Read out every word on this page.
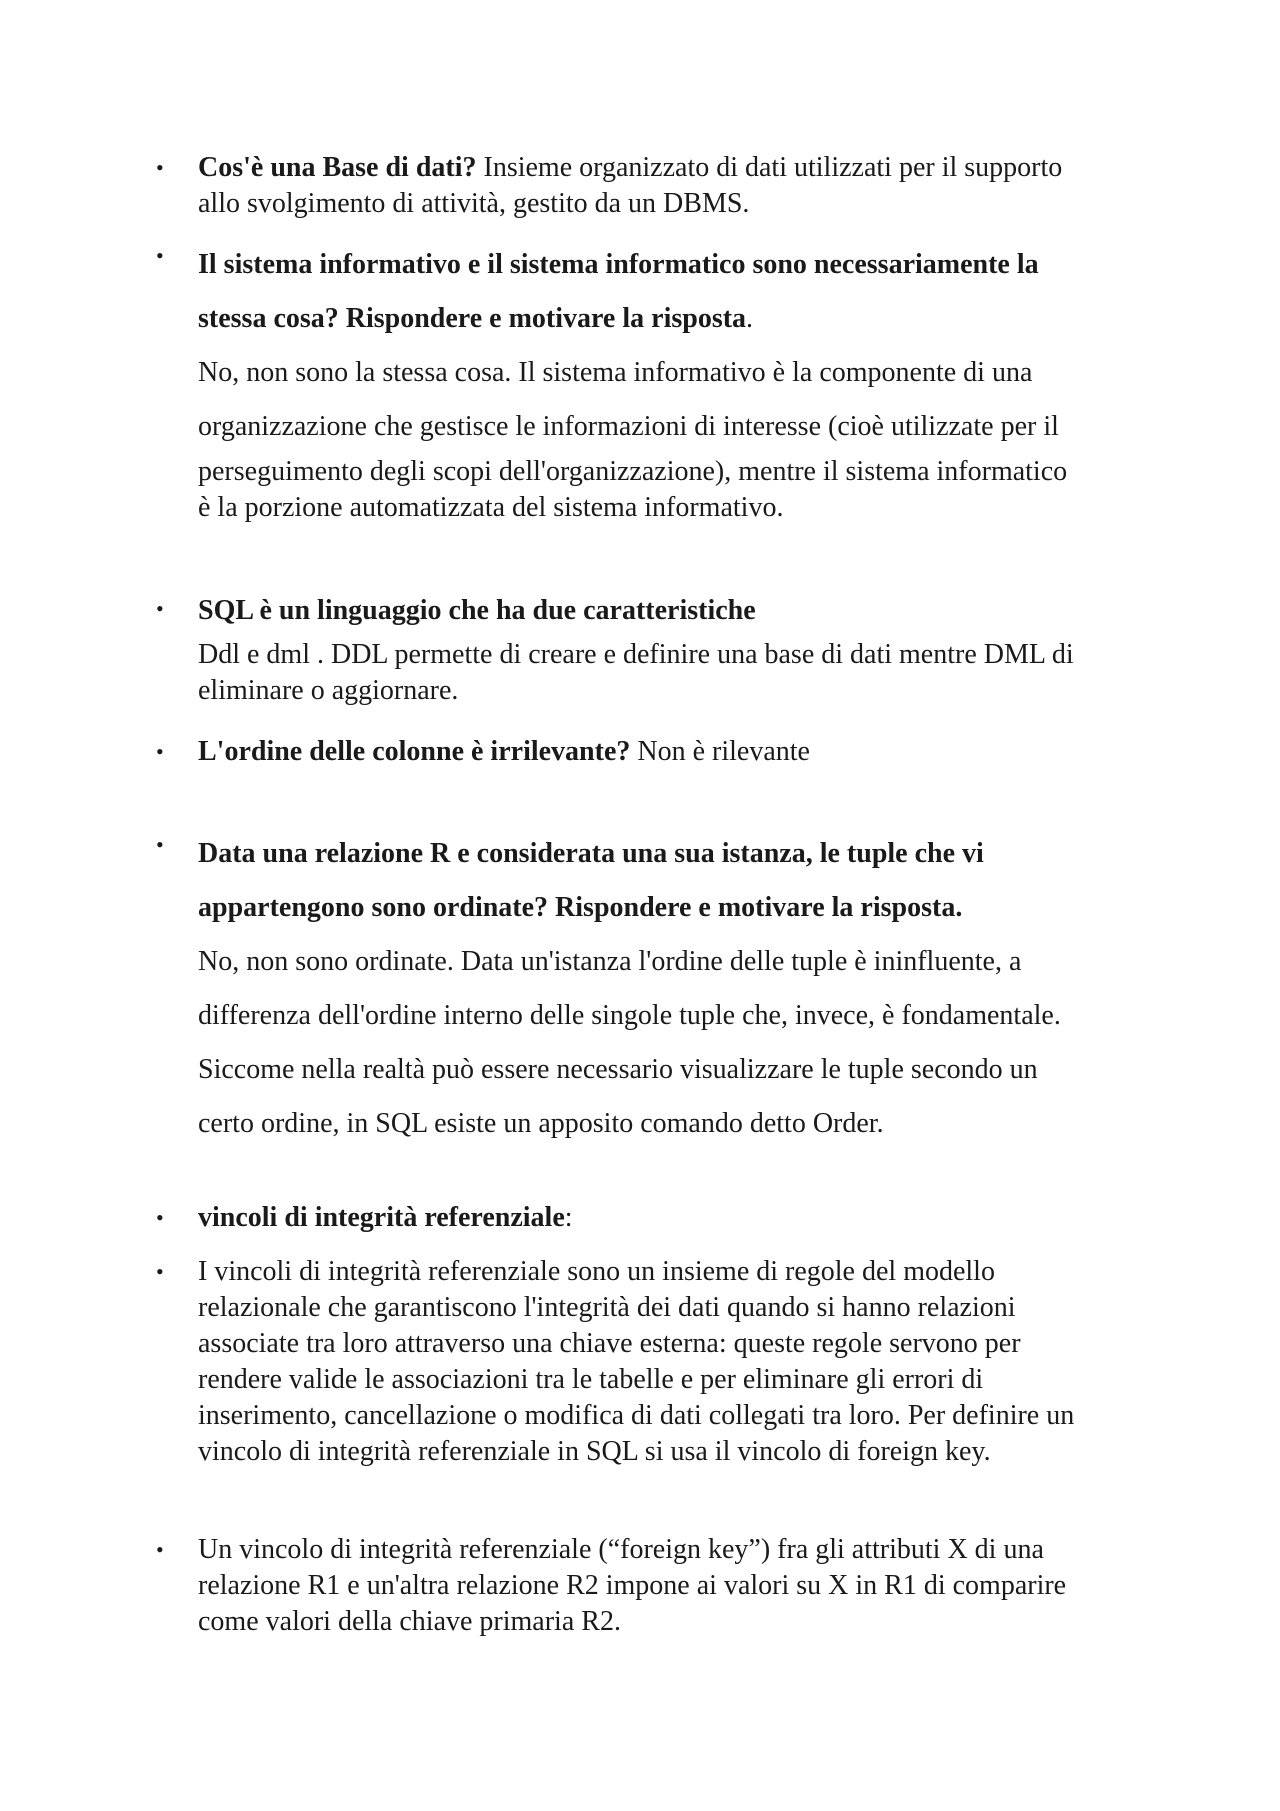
• Cos'è una Base di dati? Insieme organizzato di dati utilizzati per il supporto
allo svolgimento di attività, gestito da un DBMS.
• Il sistema informativo e il sistema informatico sono necessariamente la
stessa cosa? Rispondere e motivare la risposta.
No, non sono la stessa cosa. Il sistema informativo è la componente di una
organizzazione che gestisce le informazioni di interesse (cioè utilizzate per il
perseguimento degli scopi dell'organizzazione), mentre il sistema informatico
è la porzione automatizzata del sistema informativo.
• SQL è un linguaggio che ha due caratteristiche
Ddl e dml . DDL permette di creare e definire una base di dati mentre DML di
eliminare o aggiornare.
• L'ordine delle colonne è irrilevante? Non è rilevante
• Data una relazione R e considerata una sua istanza, le tuple che vi
appartengono sono ordinate? Rispondere e motivare la risposta.
No, non sono ordinate. Data un'istanza l'ordine delle tuple è ininfluente, a
differenza dell'ordine interno delle singole tuple che, invece, è fondamentale.
Siccome nella realtà può essere necessario visualizzare le tuple secondo un
certo ordine, in SQL esiste un apposito comando detto Order.
• vincoli di integrità referenziale:
• I vincoli di integrità referenziale sono un insieme di regole del modello
relazionale che garantiscono l'integrità dei dati quando si hanno relazioni
associate tra loro attraverso una chiave esterna: queste regole servono per
rendere valide le associazioni tra le tabelle e per eliminare gli errori di
inserimento, cancellazione o modifica di dati collegati tra loro. Per definire un
vincolo di integrità referenziale in SQL si usa il vincolo di foreign key.
• Un vincolo di integrità referenziale (“foreign key”) fra gli attributi X di una
relazione R1 e un'altra relazione R2 impone ai valori su X in R1 di comparire
come valori della chiave primaria R2.
